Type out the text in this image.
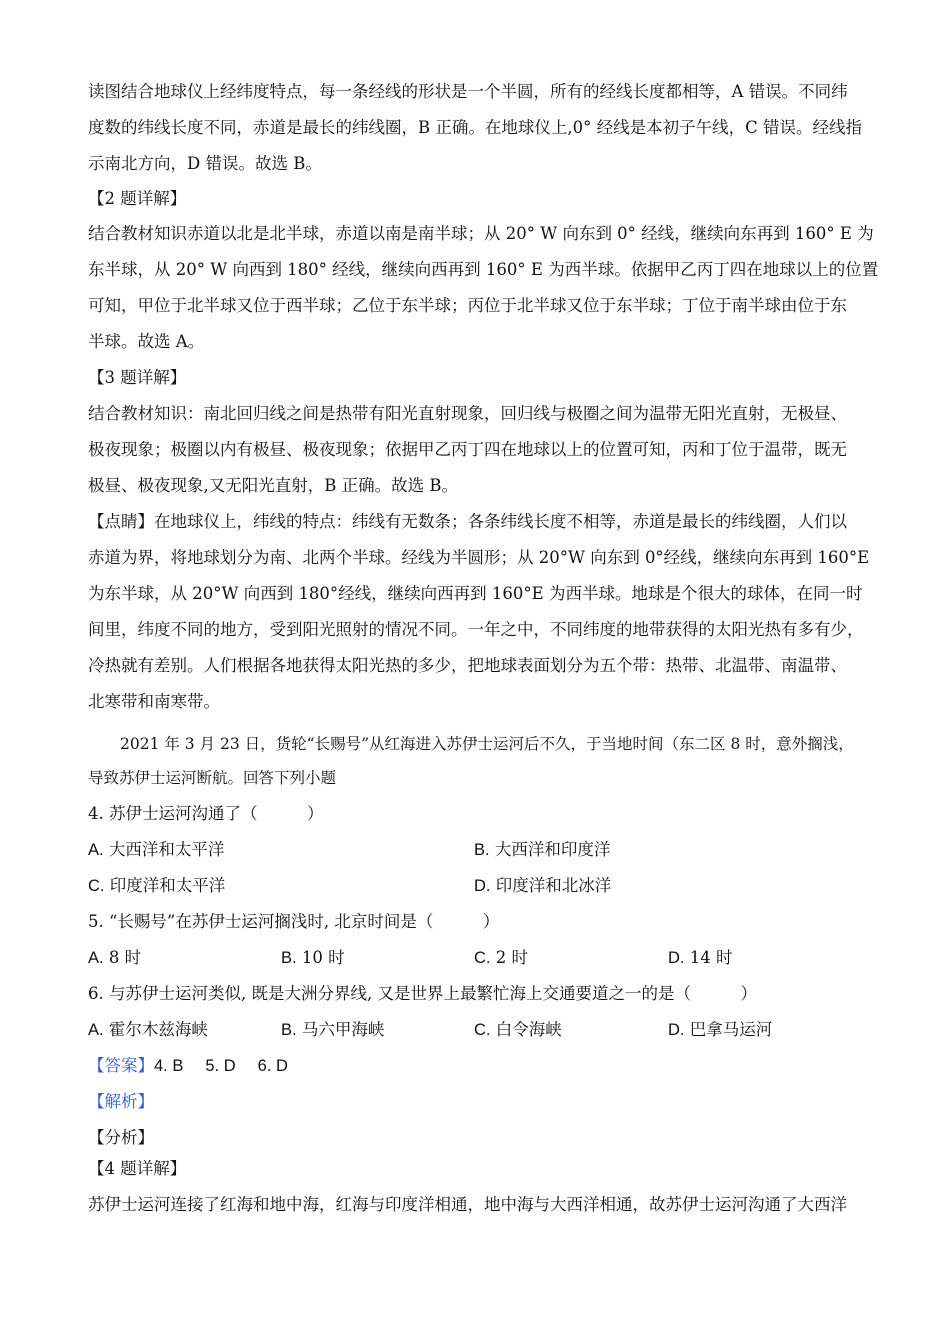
读图结合地球仪上经纬度特点，每一条经线的形状是一个半圆，所有的经线长度都相等，A 错误。不同纬
度数的纬线长度不同，赤道是最长的纬线圈，B 正确。在地球仪上,0° 经线是本初子午线，C 错误。经线指
示南北方向，D 错误。故选 B。
【2 题详解】
结合教材知识赤道以北是北半球，赤道以南是南半球；从 20° W 向东到 0° 经线，继续向东再到 160° E 为
东半球，从 20° W 向西到 180° 经线，继续向西再到 160° E 为西半球。依据甲乙丙丁四在地球以上的位置
可知，甲位于北半球又位于西半球；乙位于东半球；丙位于北半球又位于东半球；丁位于南半球由位于东
半球。故选 A。
【3 题详解】
结合教材知识：南北回归线之间是热带有阳光直射现象，回归线与极圈之间为温带无阳光直射，无极昼、
极夜现象；极圈以内有极昼、极夜现象；依据甲乙丙丁四在地球以上的位置可知，丙和丁位于温带，既无
极昼、极夜现象,又无阳光直射，B 正确。故选 B。
【点睛】在地球仪上，纬线的特点：纬线有无数条；各条纬线长度不相等，赤道是最长的纬线圈，人们以
赤道为界，将地球划分为南、北两个半球。经线为半圆形；从 20°W 向东到 0°经线，继续向东再到 160°E
为东半球，从 20°W 向西到 180°经线，继续向西再到 160°E 为西半球。地球是个很大的球体，在同一时
间里，纬度不同的地方，受到阳光照射的情况不同。一年之中，不同纬度的地带获得的太阳光热有多有少，
冷热就有差别。人们根据各地获得太阳光热的多少，把地球表面划分为五个带：热带、北温带、南温带、
北寒带和南寒带。
2021 年 3 月 23 日，货轮“长赐号”从红海进入苏伊士运河后不久，于当地时间（东二区 8 时，意外搁浅，
导致苏伊士运河断航。回答下列小题
4. 苏伊士运河沟通了（　　　）
A. 大西洋和太平洋	B. 大西洋和印度洋
C. 印度洋和太平洋	D. 印度洋和北冰洋
5. “长赐号”在苏伊士运河搁浅时, 北京时间是（　　　）
A. 8 时	B. 10 时	C. 2 时	D. 14 时
6. 与苏伊士运河类似, 既是大洲分界线, 又是世界上最繁忙海上交通要道之一的是（　　　）
A. 霍尔木兹海峡	B. 马六甲海峡	C. 白令海峡	D. 巴拿马运河
【答案】4. B 5. D 6. D
【解析】
【分析】
【4 题详解】
苏伊士运河连接了红海和地中海，红海与印度洋相通，地中海与大西洋相通，故苏伊士运河沟通了大西洋
